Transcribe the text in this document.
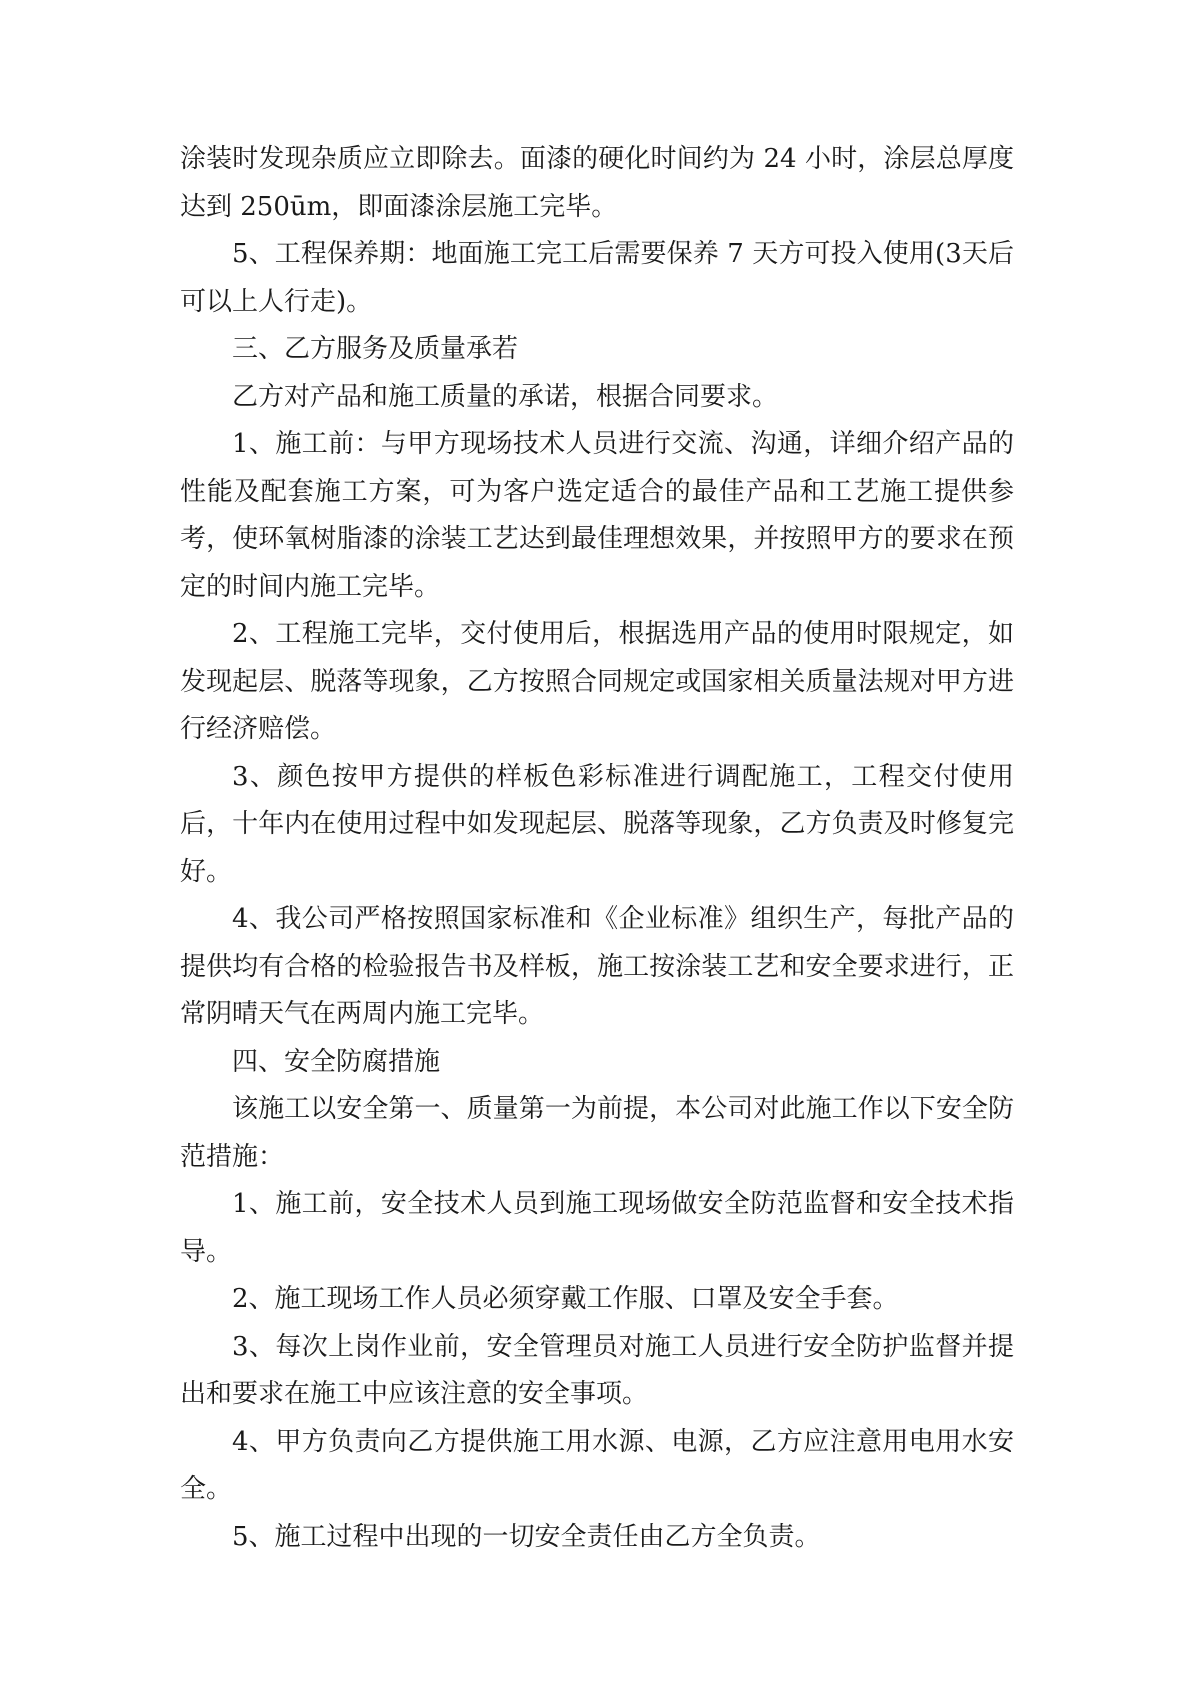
涂装时发现杂质应立即除去。面漆的硬化时间约为 24 小时，涂层总厚度达到 250ūm，即面漆涂层施工完毕。

5、工程保养期：地面施工完工后需要保养 7 天方可投入使用(3天后可以上人行走)。

三、乙方服务及质量承若

乙方对产品和施工质量的承诺，根据合同要求。

1、施工前：与甲方现场技术人员进行交流、沟通，详细介绍产品的性能及配套施工方案，可为客户选定适合的最佳产品和工艺施工提供参考，使环氧树脂漆的涂装工艺达到最佳理想效果，并按照甲方的要求在预定的时间内施工完毕。

2、工程施工完毕，交付使用后，根据选用产品的使用时限规定，如发现起层、脱落等现象，乙方按照合同规定或国家相关质量法规对甲方进行经济赔偿。

3、颜色按甲方提供的样板色彩标准进行调配施工，工程交付使用后，十年内在使用过程中如发现起层、脱落等现象，乙方负责及时修复完好。

4、我公司严格按照国家标准和《企业标准》组织生产，每批产品的提供均有合格的检验报告书及样板，施工按涂装工艺和安全要求进行，正常阴晴天气在两周内施工完毕。

四、安全防腐措施

该施工以安全第一、质量第一为前提，本公司对此施工作以下安全防范措施：

1、施工前，安全技术人员到施工现场做安全防范监督和安全技术指导。

2、施工现场工作人员必须穿戴工作服、口罩及安全手套。

3、每次上岗作业前，安全管理员对施工人员进行安全防护监督并提出和要求在施工中应该注意的安全事项。

4、甲方负责向乙方提供施工用水源、电源，乙方应注意用电用水安全。

5、施工过程中出现的一切安全责任由乙方全负责。
